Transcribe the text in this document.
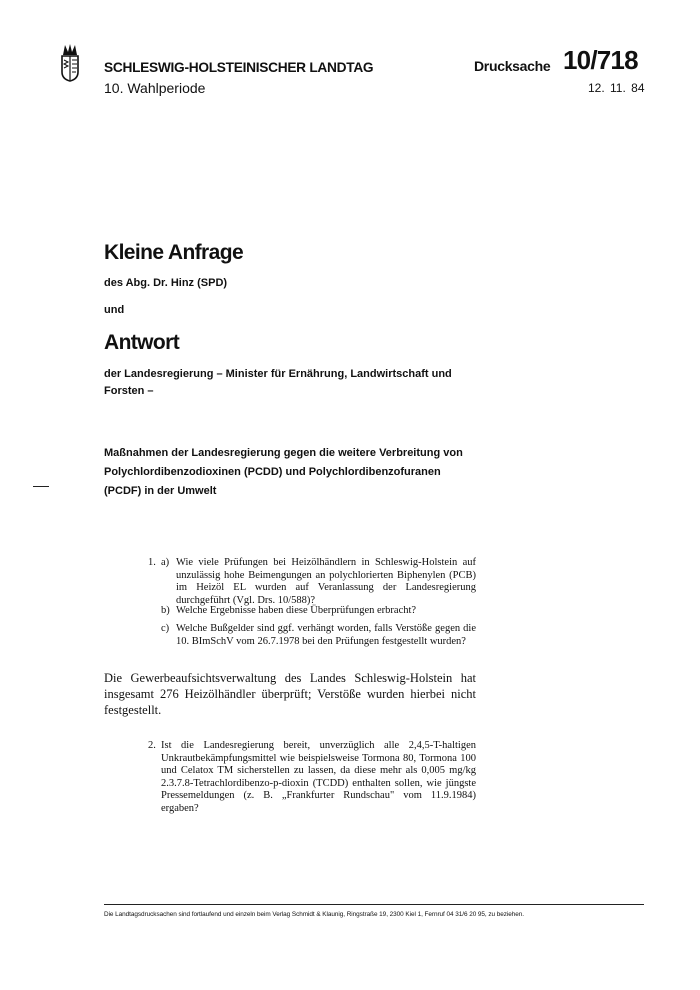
SCHLESWIG-HOLSTEINISCHER LANDTAG
10. Wahlperiode
Drucksache 10/718
12. 11. 84
Kleine Anfrage
des Abg. Dr. Hinz (SPD)
und
Antwort
der Landesregierung – Minister für Ernährung, Landwirtschaft und Forsten –
Maßnahmen der Landesregierung gegen die weitere Verbreitung von Polychlordibenzodioxinen (PCDD) und Polychlordibenzofuranen (PCDF) in der Umwelt
1. a) Wie viele Prüfungen bei Heizölhändlern in Schleswig-Holstein auf unzulässig hohe Beimengungen an polychlorierten Biphenylen (PCB) im Heizöl EL wurden auf Veranlassung der Landesregierung durchgeführt (Vgl. Drs. 10/588)?
b) Welche Ergebnisse haben diese Überprüfungen erbracht?
c) Welche Bußgelder sind ggf. verhängt worden, falls Verstöße gegen die 10. BImSchV vom 26.7.1978 bei den Prüfungen festgestellt wurden?
Die Gewerbeaufsichtsverwaltung des Landes Schleswig-Holstein hat insgesamt 276 Heizölhändler überprüft; Verstöße wurden hierbei nicht festgestellt.
2. Ist die Landesregierung bereit, unverzüglich alle 2,4,5-T-haltigen Unkrautbekämpfungsmittel wie beispielsweise Tormona 80, Tormona 100 und Celatox TM sicherstellen zu lassen, da diese mehr als 0,005 mg/kg 2.3.7.8-Tetrachlordibenzo-p-dioxin (TCDD) enthalten sollen, wie jüngste Pressemeldungen (z. B. „Frankfurter Rundschau" vom 11.9.1984) ergaben?
Die Landtagsdrucksachen sind fortlaufend und einzeln beim Verlag Schmidt & Klaunig, Ringstraße 19, 2300 Kiel 1, Fernruf 04 31/6 20 95, zu beziehen.
